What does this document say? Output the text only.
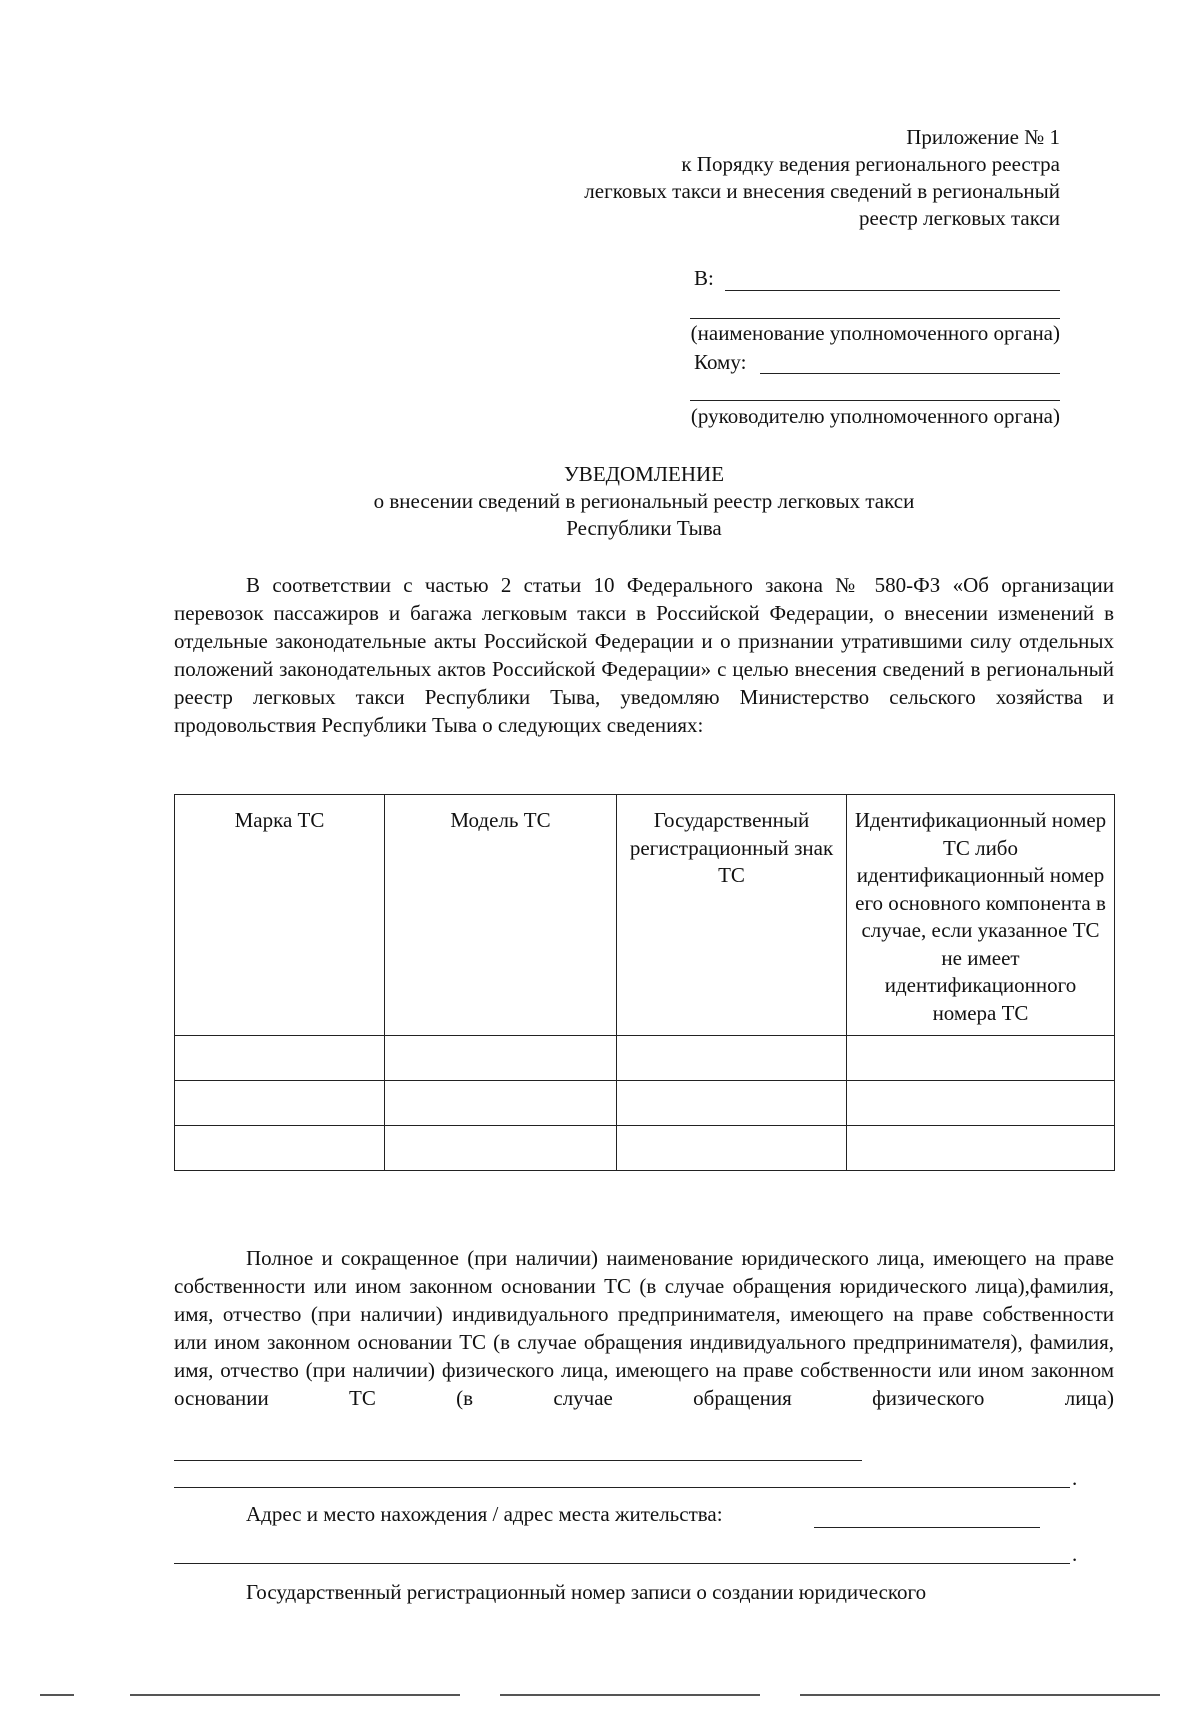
Приложение № 1
к Порядку ведения регионального реестра
легковых такси и внесения сведений в региональный
реестр легковых такси
В:
(наименование уполномоченного органа)
Кому:
(руководителю уполномоченного органа)
УВЕДОМЛЕНИЕ
о внесении сведений в региональный реестр легковых такси
Республики Тыва
В соответствии с частью 2 статьи 10 Федерального закона № 580-ФЗ «Об организации перевозок пассажиров и багажа легковым такси в Российской Федерации, о внесении изменений в отдельные законодательные акты Российской Федерации и о признании утратившими силу отдельных положений законодательных актов Российской Федерации» с целью внесения сведений в региональный реестр легковых такси Республики Тыва, уведомляю Министерство сельского хозяйства и продовольствия Республики Тыва о следующих сведениях:
Марка ТС	Модель ТС	Государственный регистрационный знак ТС	Идентификационный номер ТС либо идентификационный номер его основного компонента в случае, если указанное ТС не имеет идентификационного номера ТС

Полное и сокращенное (при наличии) наименование юридического лица, имеющего на праве собственности или ином законном основании ТС (в случае обращения юридического лица),фамилия, имя, отчество (при наличии) индивидуального предпринимателя, имеющего на праве собственности или ином законном основании ТС (в случае обращения индивидуального предпринимателя), фамилия, имя, отчество (при наличии) физического лица, имеющего на праве собственности или ином законном основании ТС (в случае обращения физического лица)
.
Адрес и место нахождения / адрес места жительства:
.
Государственный регистрационный номер записи о создании юридического
